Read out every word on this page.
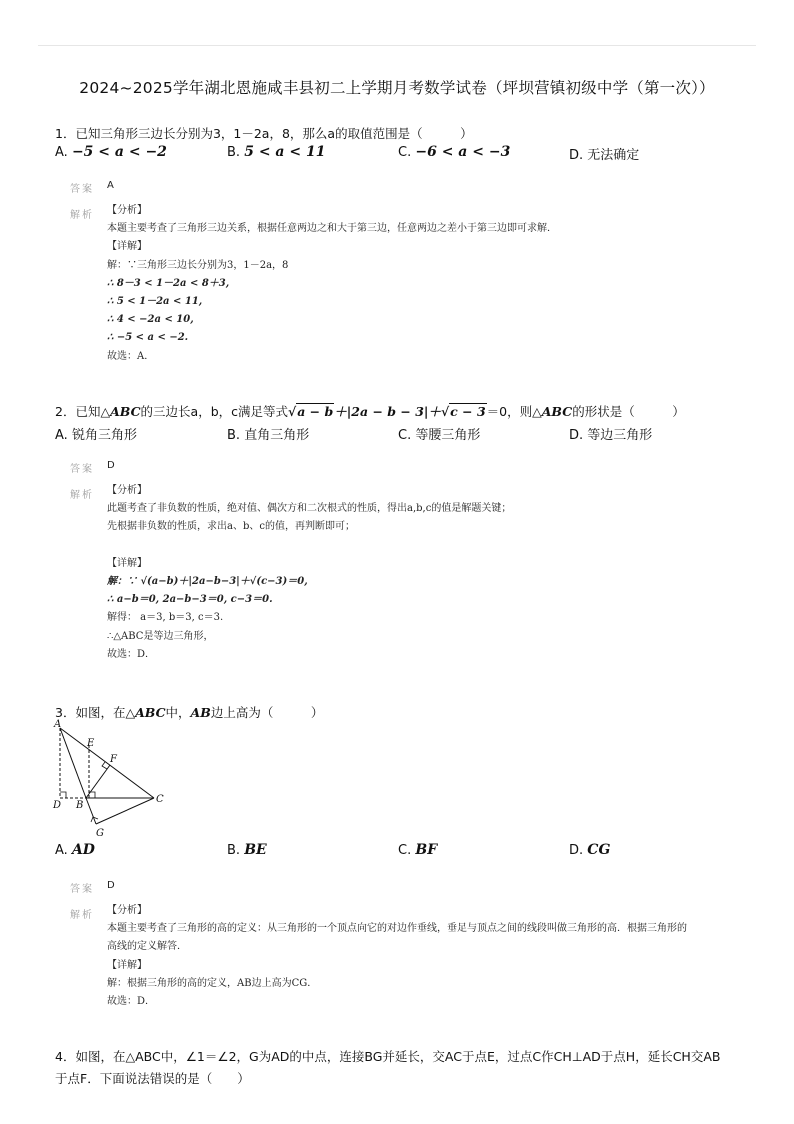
2024~2025学年湖北恩施咸丰县初二上学期月考数学试卷（坪坝营镇初级中学（第一次））
1．已知三角形三边长分别为3，1－2a，8，那么a的取值范围是（　　　）
A. −5 < a < −2	B. 5 < a < 11	C. −6 < a < −3	D. 无法确定
答案 A
解析 【分析】
本题主要考查了三角形三边关系，根据任意两边之和大于第三边，任意两边之差小于第三边即可求解．
【详解】
解：∵三角形三边长分别为3，1－2a，8
∴ 8－3 < 1－2a < 8＋3,
∴ 5 < 1－2a < 11,
∴ 4 < −2a < 10,
∴ −5 < a < −2.
故选：A．
2．已知△ABC的三边长a，b，c满足等式√a − b＋|2a − b − 3|＋√c − 3＝0，则△ABC的形状是（　　　）
A. 锐角三角形	B. 直角三角形	C. 等腰三角形	D. 等边三角形
答案 D
解析 【分析】
此题考查了非负数的性质，绝对值、偶次方和二次根式的性质，得出a,b,c的值是解题关键；
先根据非负数的性质，求出a、b、c的值，再判断即可；
【详解】
解：∵ √(a−b)＋|2a−b−3|＋√(c−3)＝0,
∴ a−b＝0, 2a−b−3＝0, c−3＝0.
解得： a＝3, b＝3, c＝3.
∴△ABC是等边三角形，
故选：D．
3．如图，在△ABC中，AB边上高为（　　　）
A
E
F
D B
C
G
A. AD	B. BE	C. BF	D. CG
答案 D
解析 【分析】
本题主要考查了三角形的高的定义：从三角形的一个顶点向它的对边作垂线，垂足与顶点之间的线段叫做三角形的高．根据三角形的
高线的定义解答．
【详解】
解：根据三角形的高的定义，AB边上高为CG．
故选：D．
4．如图，在△ABC中，∠1＝∠2，G为AD的中点，连接BG并延长，交AC于点E，过点C作CH⊥AD于点H，延长CH交AB
于点F．下面说法错误的是（　　）
